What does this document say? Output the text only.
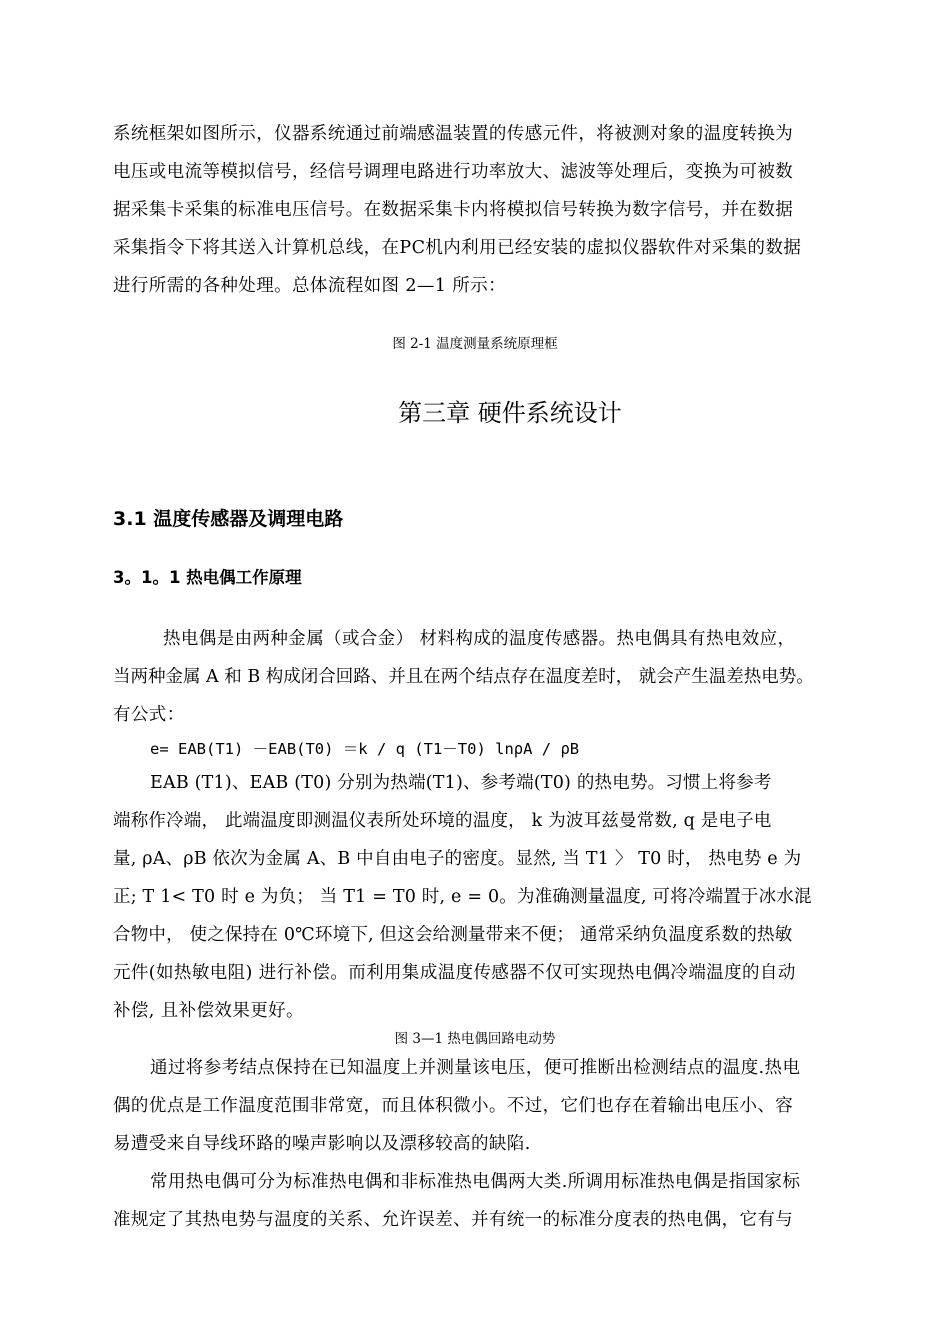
系统框架如图所示，仪器系统通过前端感温装置的传感元件，将被测对象的温度转换为
电压或电流等模拟信号，经信号调理电路进行功率放大、滤波等处理后，变换为可被数
据采集卡采集的标准电压信号。在数据采集卡内将模拟信号转换为数字信号，并在数据
采集指令下将其送入计算机总线，在PC机内利用已经安装的虚拟仪器软件对采集的数据
进行所需的各种处理。总体流程如图 2—1 所示：
图 2-1 温度测量系统原理框
第三章 硬件系统设计
3.1 温度传感器及调理电路
3。1。1 热电偶工作原理
热电偶是由两种金属（或合金） 材料构成的温度传感器。热电偶具有热电效应，
当两种金属 A 和 B 构成闭合回路、并且在两个结点存在温度差时， 就会产生温差热电势。
有公式：
e= EAB(T1) －EAB(T0) ＝k / q (T1－T0) lnρA / ρB
EAB (T1)、EAB (T0) 分别为热端(T1)、参考端(T0) 的热电势。习惯上将参考
端称作冷端， 此端温度即测温仪表所处环境的温度， k 为波耳兹曼常数, q 是电子电
量, ρA、ρB 依次为金属 A、B 中自由电子的密度。显然, 当 T1 〉 T0 时， 热电势 e 为
正; T 1< T0 时 e 为负； 当 T1 = T0 时, e = 0。为准确测量温度, 可将冷端置于冰水混
合物中， 使之保持在 0℃环境下, 但这会给测量带来不便； 通常采纳负温度系数的热敏
元件(如热敏电阻) 进行补偿。而利用集成温度传感器不仅可实现热电偶冷端温度的自动
补偿, 且补偿效果更好。
图 3—1 热电偶回路电动势
通过将参考结点保持在已知温度上并测量该电压，便可推断出检测结点的温度.热电
偶的优点是工作温度范围非常宽，而且体积微小。不过，它们也存在着输出电压小、容
易遭受来自导线环路的噪声影响以及漂移较高的缺陷.
常用热电偶可分为标准热电偶和非标准热电偶两大类.所调用标准热电偶是指国家标
准规定了其热电势与温度的关系、允许误差、并有统一的标准分度表的热电偶，它有与
